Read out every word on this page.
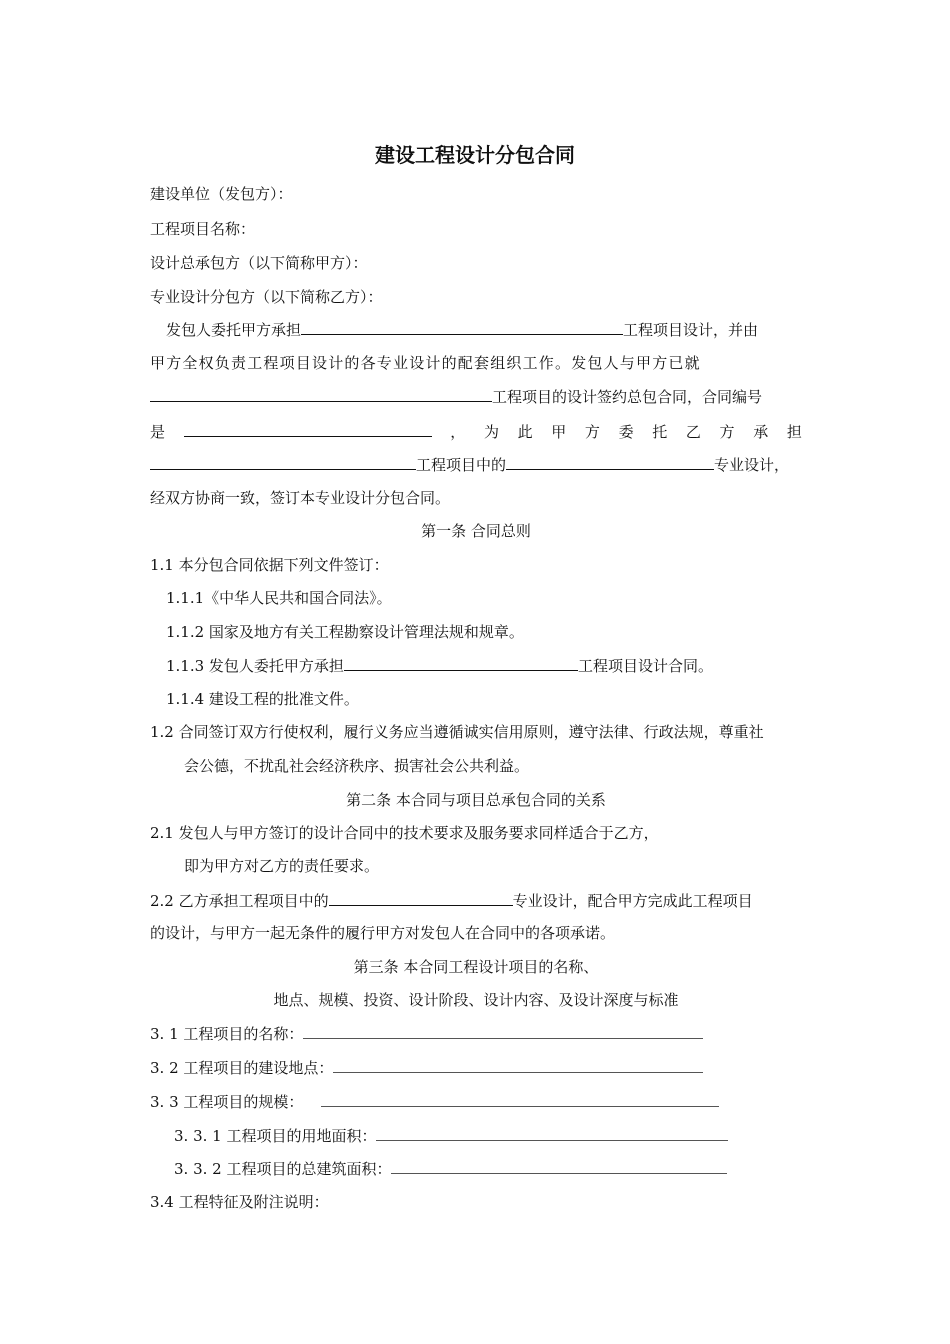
建设工程设计分包合同
建设单位（发包方）：
工程项目名称：
设计总承包方（以下简称甲方）：
专业设计分包方（以下简称乙方）：
发包人委托甲方承担	工程项目设计，并由
甲方全权负责工程项目设计的各专业设计的配套组织工作。发包人与甲方已就
工程项目的设计签约总包合同，合同编号
是	， 为 此 甲 方 委 托 乙 方 承 担
工程项目中的	专业设计，
经双方协商一致，签订本专业设计分包合同。
第一条 合同总则
1.1 本分包合同依据下列文件签订：
1.1.1《中华人民共和国合同法》。
1.1.2 国家及地方有关工程勘察设计管理法规和规章。
1.1.3 发包人委托甲方承担	工程项目设计合同。
1.1.4 建设工程的批准文件。
1.2 合同签订双方行使权利，履行义务应当遵循诚实信用原则，遵守法律、行政法规，尊重社
会公德，不扰乱社会经济秩序、损害社会公共利益。
第二条 本合同与项目总承包合同的关系
2.1 发包人与甲方签订的设计合同中的技术要求及服务要求同样适合于乙方，
即为甲方对乙方的责任要求。
2.2 乙方承担工程项目中的	专业设计，配合甲方完成此工程项目
的设计，与甲方一起无条件的履行甲方对发包人在合同中的各项承诺。
第三条 本合同工程设计项目的名称、
地点、规模、投资、设计阶段、设计内容、及设计深度与标准
3. 1 工程项目的名称：
3. 2 工程项目的建设地点：
3. 3 工程项目的规模：
3. 3. 1 工程项目的用地面积：
3. 3. 2 工程项目的总建筑面积：
3.4 工程特征及附注说明：
